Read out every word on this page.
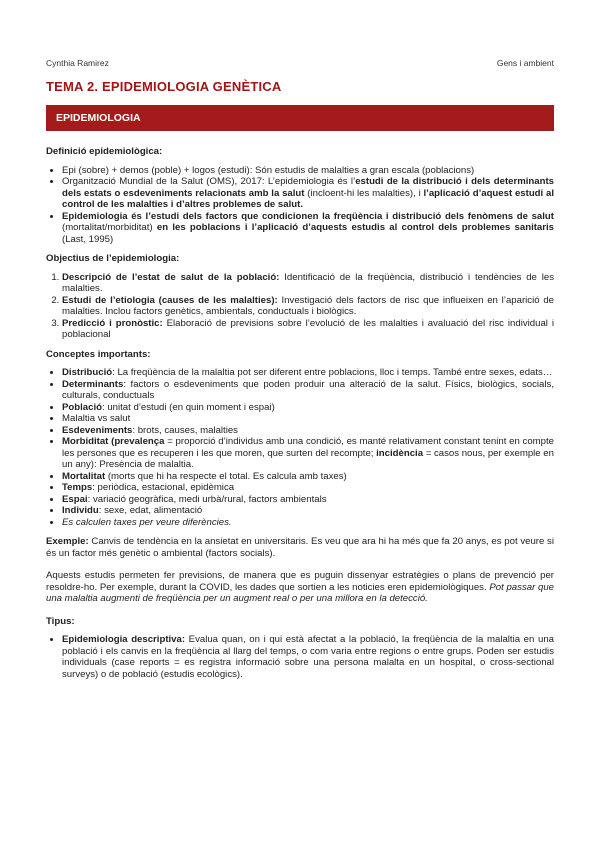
Cynthia Ramirez	Gens i ambient
TEMA 2. EPIDEMIOLOGIA GENÈTICA
EPIDEMIOLOGIA
Definició epidemiològica:
• Epi (sobre) + demos (poble) + logos (estudi): Són estudis de malalties a gran escala (poblacions)
• Organització Mundial de la Salut (OMS), 2017: L’epidemiologia és l’estudi de la distribució i dels determinants dels estats o esdeveniments relacionats amb la salut (incloent-hi les malalties), i l’aplicació d’aquest estudi al control de les malalties i d’altres problemes de salut.
• Epidemiologia és l’estudi dels factors que condicionen la freqüència i distribució dels fenòmens de salut (mortalitat/morbiditat) en les poblacions i l’aplicació d’aquests estudis al control dels problemes sanitaris (Last, 1995)
Objectius de l’epidemiologia:
1. Descripció de l’estat de salut de la població: Identificació de la freqüència, distribució i tendències de les malalties.
2. Estudi de l’etiologia (causes de les malalties): Investigació dels factors de risc que influeixen en l’aparició de malalties. Inclou factors genètics, ambientals, conductuals i biològics.
3. Predicció i pronòstic: Elaboració de previsions sobre l’evolució de les malalties i avaluació del risc individual i poblacional
Conceptes importants:
• Distribució: La freqüència de la malaltia pot ser diferent entre poblacions, lloc i temps. També entre sexes, edats…
• Determinants: factors o esdeveniments que poden produir una alteració de la salut. Físics, biològics, socials, culturals, conductuals
• Població: unitat d’estudi (en quin moment i espai)
• Malaltia vs salut
• Esdeveniments: brots, causes, malalties
• Morbiditat (prevalença = proporció d’individus amb una condició, es manté relativament constant tenint en compte les persones que es recuperen i les que moren, que surten del recompte; incidència = casos nous, per exemple en un any): Presència de malaltia.
• Mortalitat (morts que hi ha respecte el total. Es calcula amb taxes)
• Temps: periòdica, estacional, epidèmica
• Espai: variació geogràfica, medi urbà/rural, factors ambientals
• Individu: sexe, edat, alimentació
• Es calculen taxes per veure diferències.

Exemple: Canvis de tendència en la ansietat en universitaris. Es veu que ara hi ha més que fa 20 anys, es pot veure si és un factor més genètic o ambiental (factors socials).

Aquests estudis permeten fer previsions, de manera que es puguin dissenyar estratègies o plans de prevenció per resoldre-ho. Per exemple, durant la COVID, les dades que sortien a les noticies eren epidemiològiques. Pot passar que una malaltia augmenti de freqüència per un augment real o per una millora en la detecció.

Tipus:
• Epidemiologia descriptiva: Evalua quan, on i qui està afectat a la població, la freqüència de la malaltia en una població i els canvis en la freqüència al llarg del temps, o com varia entre regions o entre grups. Poden ser estudis individuals (case reports = es registra informació sobre una persona malalta en un hospital, o cross-sectional surveys) o de població (estudis ecològics).
